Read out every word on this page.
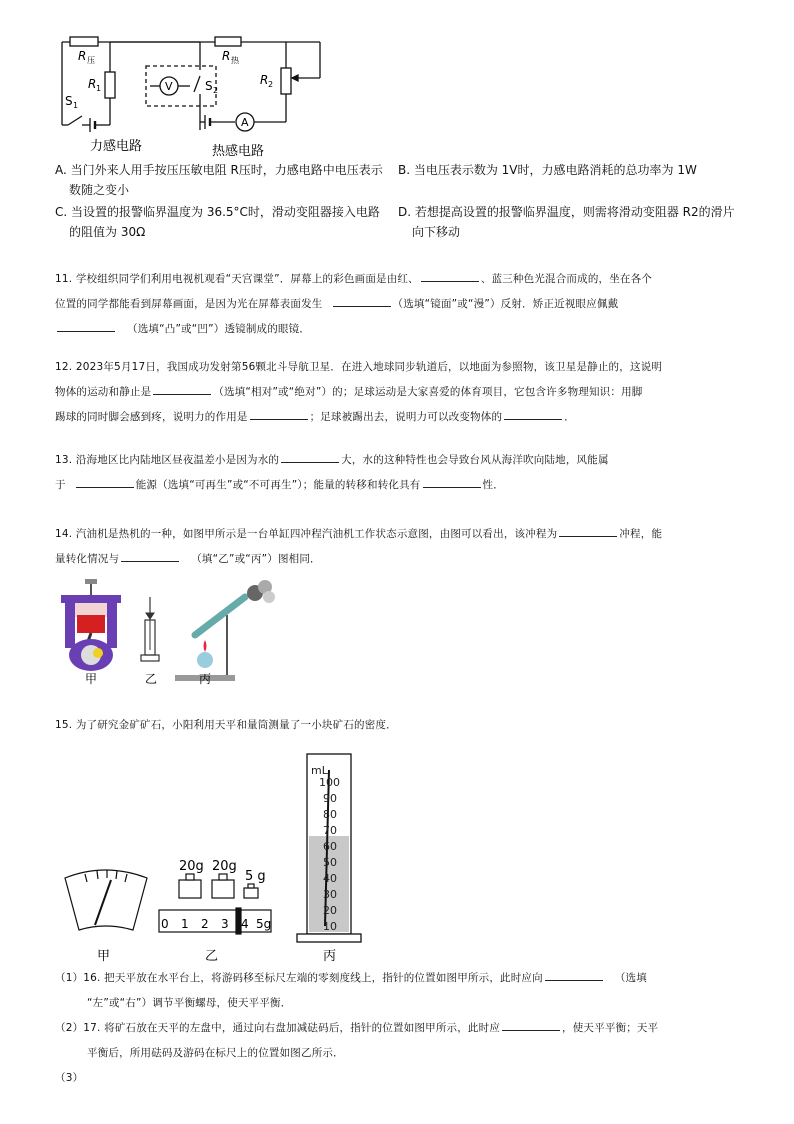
R 压
R 1
S 1
V	S 2
R 热
R 2
A
力感电路	热感电路
A. 当门外来人用手按压压敏电阻 R压时，力感电路中电压表示
数随之变小
B. 当电压表示数为 1V时，力感电路消耗的总功率为 1W
C. 当设置的报警临界温度为 36.5°C时，滑动变阻器接入电路
的阻值为 30Ω
D. 若想提高设置的报警临界温度，则需将滑动变阻器 R2的滑片
向下移动
11. 学校组织同学们利用电视机观看“天宫课堂”．屏幕上的彩色画面是由红、	、蓝三种色光混合而成的，坐在各个
位置的同学都能看到屏幕画面，是因为光在屏幕表面发生	（选填“镜面”或“漫”）反射．矫正近视眼应佩戴
（选填“凸”或“凹”）透镜制成的眼镜．
12. 2023年5月17日，我国成功发射第56颗北斗导航卫星．在进入地球同步轨道后，以地面为参照物，该卫星是静止的，这说明
物体的运动和静止是	（选填“相对”或“绝对”）的；足球运动是大家喜爱的体育项目，它包含许多物理知识：用脚
踢球的同时脚会感到疼，说明力的作用是	；足球被踢出去，说明力可以改变物体的	．
13. 沿海地区比内陆地区昼夜温差小是因为水的	大，水的这种特性也会导致台风从海洋吹向陆地，风能属
于	能源（选填“可再生”或“不可再生”）；能量的转移和转化具有	性．
14. 汽油机是热机的一种，如图甲所示是一台单缸四冲程汽油机工作状态示意图，由图可以看出，该冲程为	冲程，能
量转化情况与	（填“乙”或“丙”）图相同．
甲	乙	丙
15. 为了研究金矿矿石，小阳利用天平和量筒测量了一小块矿石的密度．
20g 20g
5 g
0 1 2 3 4 5g
mL
100
90
80
70
60
50
40
30
20
10
甲	乙	丙
（1）16. 把天平放在水平台上，将游码移至标尺左端的零刻度线上，指针的位置如图甲所示，此时应向	（选填
“左”或“右”）调节平衡螺母，使天平平衡．
（2）17. 将矿石放在天平的左盘中，通过向右盘加减砝码后，指针的位置如图甲所示，此时应	，使天平平衡；天平
平衡后，所用砝码及游码在标尺上的位置如图乙所示．
（3）
